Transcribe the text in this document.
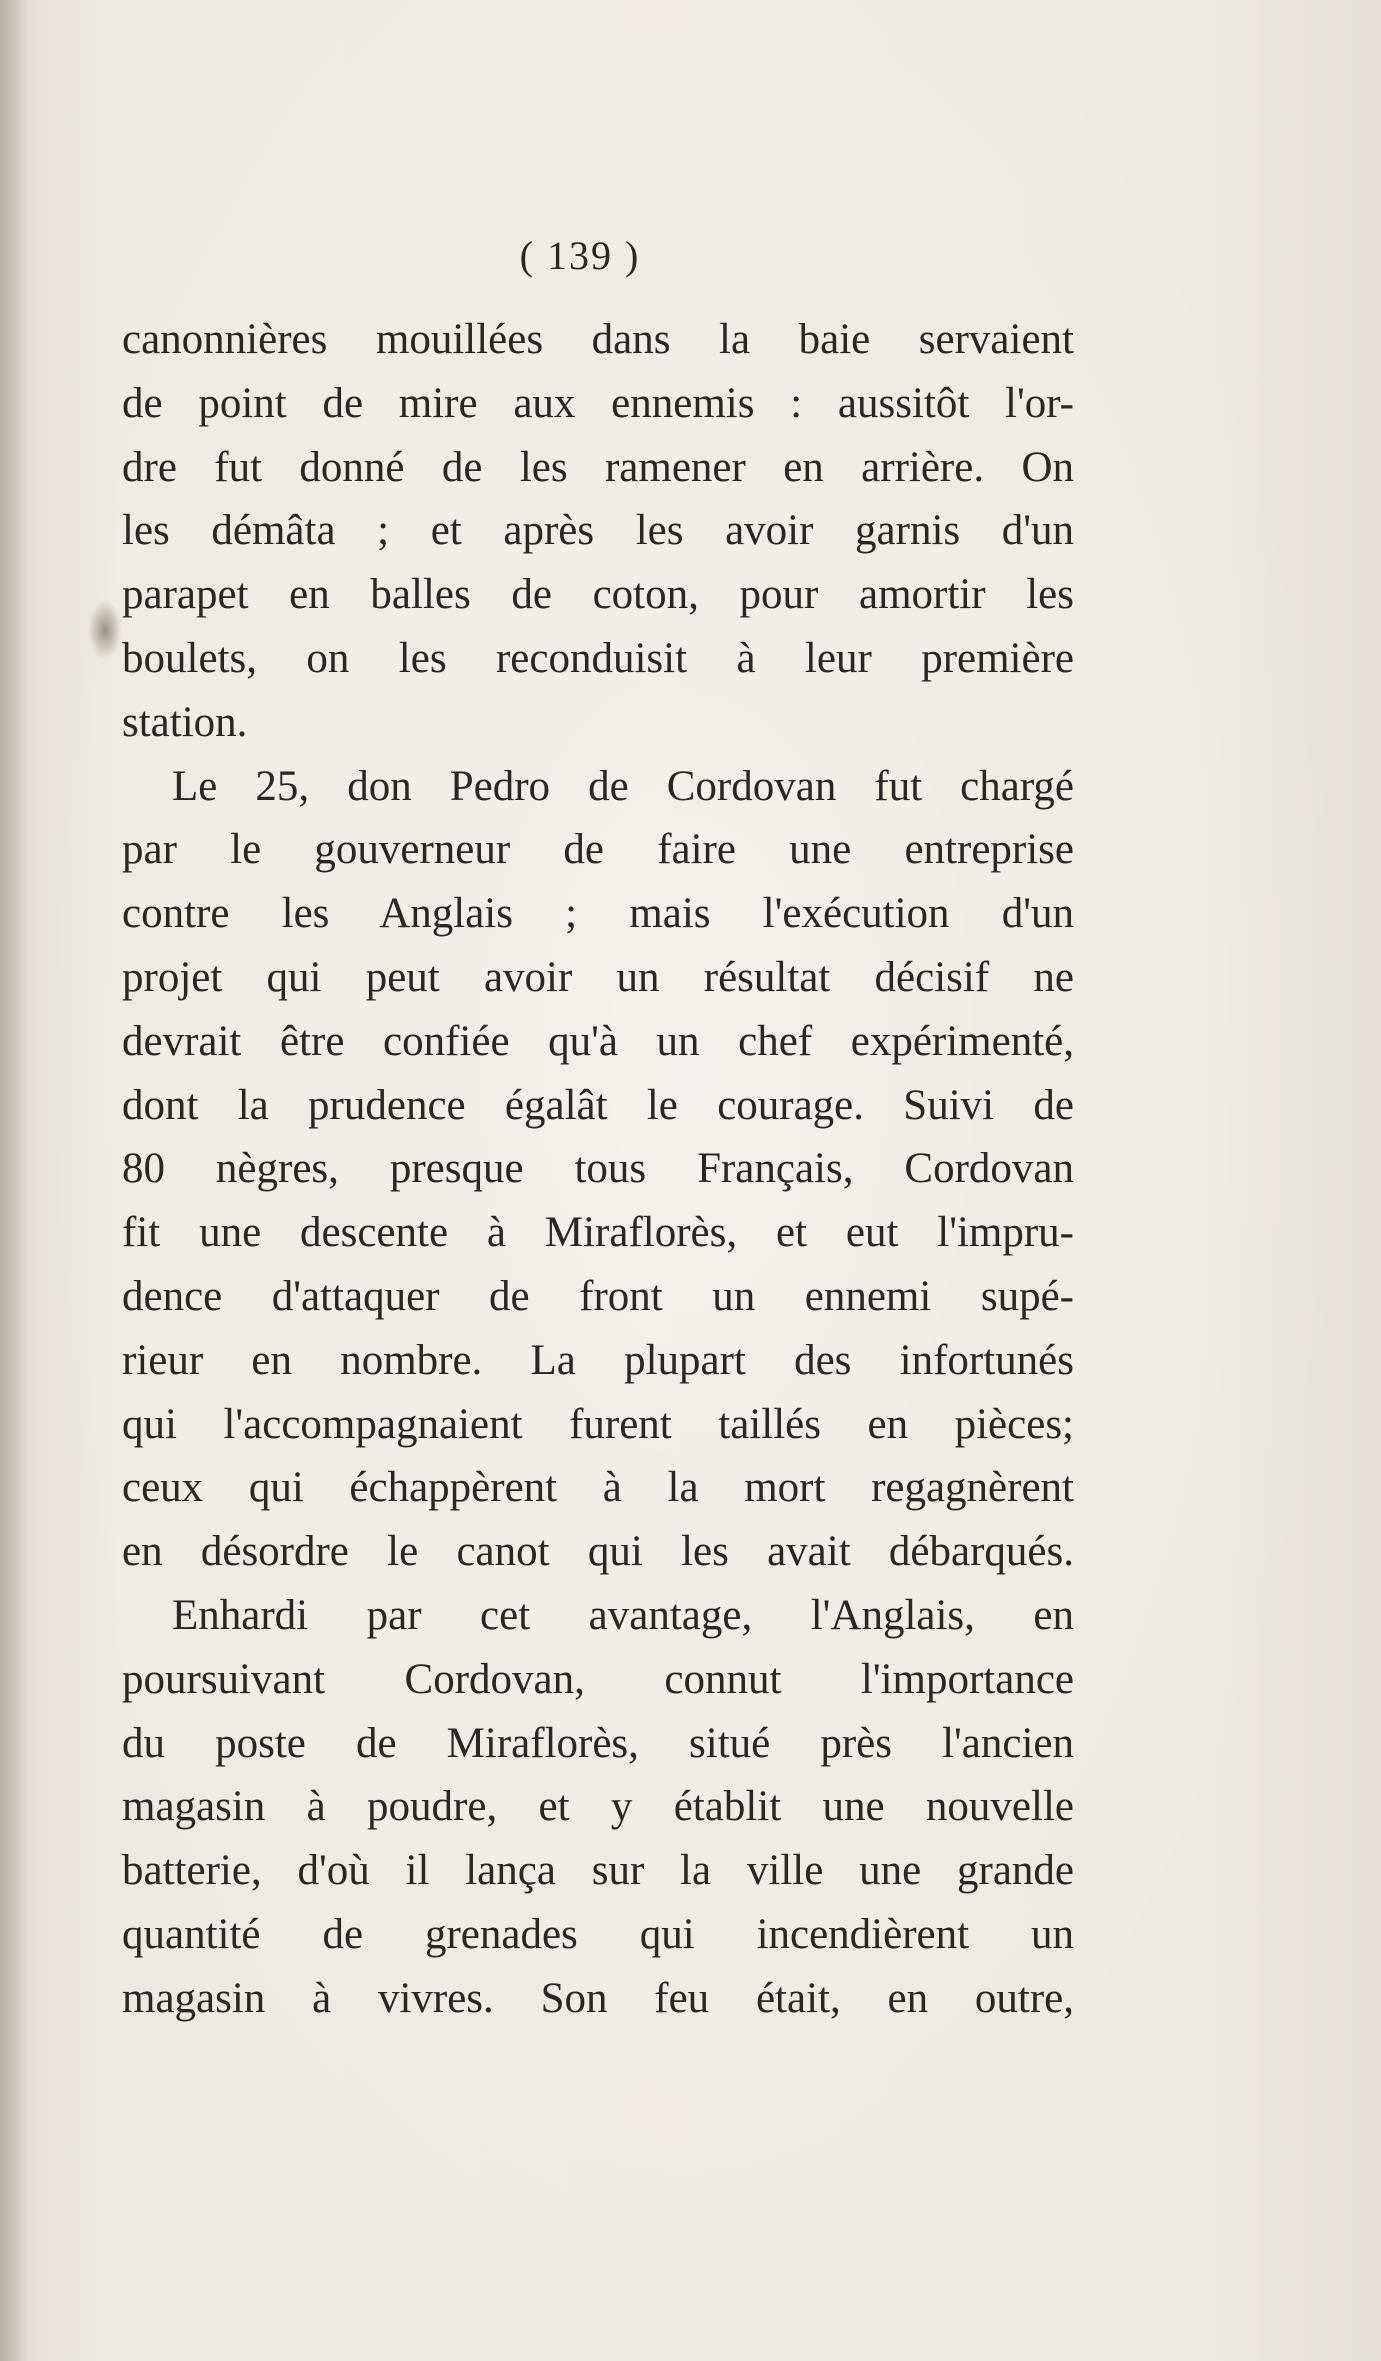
( 139 )
canonnières mouillées dans la baie servaient
de point de mire aux ennemis : aussitôt l'or-
dre fut donné de les ramener en arrière. On
les démâta ; et après les avoir garnis d'un
parapet en balles de coton, pour amortir les
boulets, on les reconduisit à leur première
station.
Le 25, don Pedro de Cordovan fut chargé
par le gouverneur de faire une entreprise
contre les Anglais ; mais l'exécution d'un
projet qui peut avoir un résultat décisif ne
devrait être confiée qu'à un chef expérimenté,
dont la prudence égalât le courage. Suivi de
80 nègres, presque tous Français, Cordovan
fit une descente à Miraflorès, et eut l'impru-
dence d'attaquer de front un ennemi supé-
rieur en nombre. La plupart des infortunés
qui l'accompagnaient furent taillés en pièces;
ceux qui échappèrent à la mort regagnèrent
en désordre le canot qui les avait débarqués.
Enhardi par cet avantage, l'Anglais, en
poursuivant Cordovan, connut l'importance
du poste de Miraflorès, situé près l'ancien
magasin à poudre, et y établit une nouvelle
batterie, d'où il lança sur la ville une grande
quantité de grenades qui incendièrent un
magasin à vivres. Son feu était, en outre,
